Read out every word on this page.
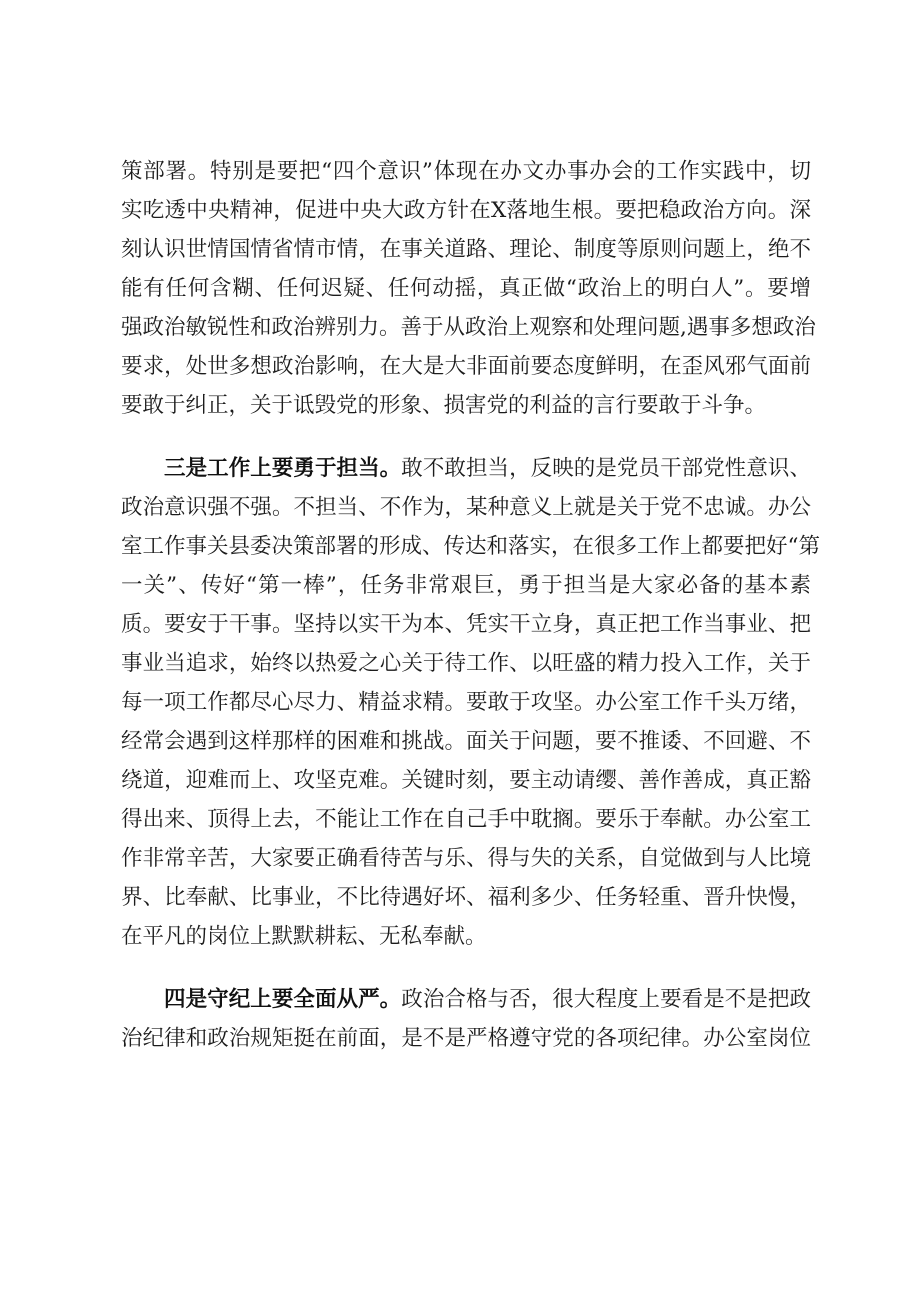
策部署。特别是要把“四个意识”体现在办文办事办会的工作实践中，切
实吃透中央精神，促进中央大政方针在X落地生根。要把稳政治方向。深
刻认识世情国情省情市情，在事关道路、理论、制度等原则问题上，绝不
能有任何含糊、任何迟疑、任何动摇，真正做“政治上的明白人”。要增
强政治敏锐性和政治辨别力。善于从政治上观察和处理问题,遇事多想政治
要求，处世多想政治影响，在大是大非面前要态度鲜明，在歪风邪气面前
要敢于纠正，关于诋毁党的形象、损害党的利益的言行要敢于斗争。
三是工作上要勇于担当。敢不敢担当，反映的是党员干部党性意识、
政治意识强不强。不担当、不作为，某种意义上就是关于党不忠诚。办公
室工作事关县委决策部署的形成、传达和落实，在很多工作上都要把好“第
一关”、传好“第一棒”，任务非常艰巨，勇于担当是大家必备的基本素
质。要安于干事。坚持以实干为本、凭实干立身，真正把工作当事业、把
事业当追求，始终以热爱之心关于待工作、以旺盛的精力投入工作，关于
每一项工作都尽心尽力、精益求精。要敢于攻坚。办公室工作千头万绪，
经常会遇到这样那样的困难和挑战。面关于问题，要不推诿、不回避、不
绕道，迎难而上、攻坚克难。关键时刻，要主动请缨、善作善成，真正豁
得出来、顶得上去，不能让工作在自己手中耽搁。要乐于奉献。办公室工
作非常辛苦，大家要正确看待苦与乐、得与失的关系，自觉做到与人比境
界、比奉献、比事业，不比待遇好坏、福利多少、任务轻重、晋升快慢，
在平凡的岗位上默默耕耘、无私奉献。
四是守纪上要全面从严。政治合格与否，很大程度上要看是不是把政
治纪律和政治规矩挺在前面，是不是严格遵守党的各项纪律。办公室岗位
